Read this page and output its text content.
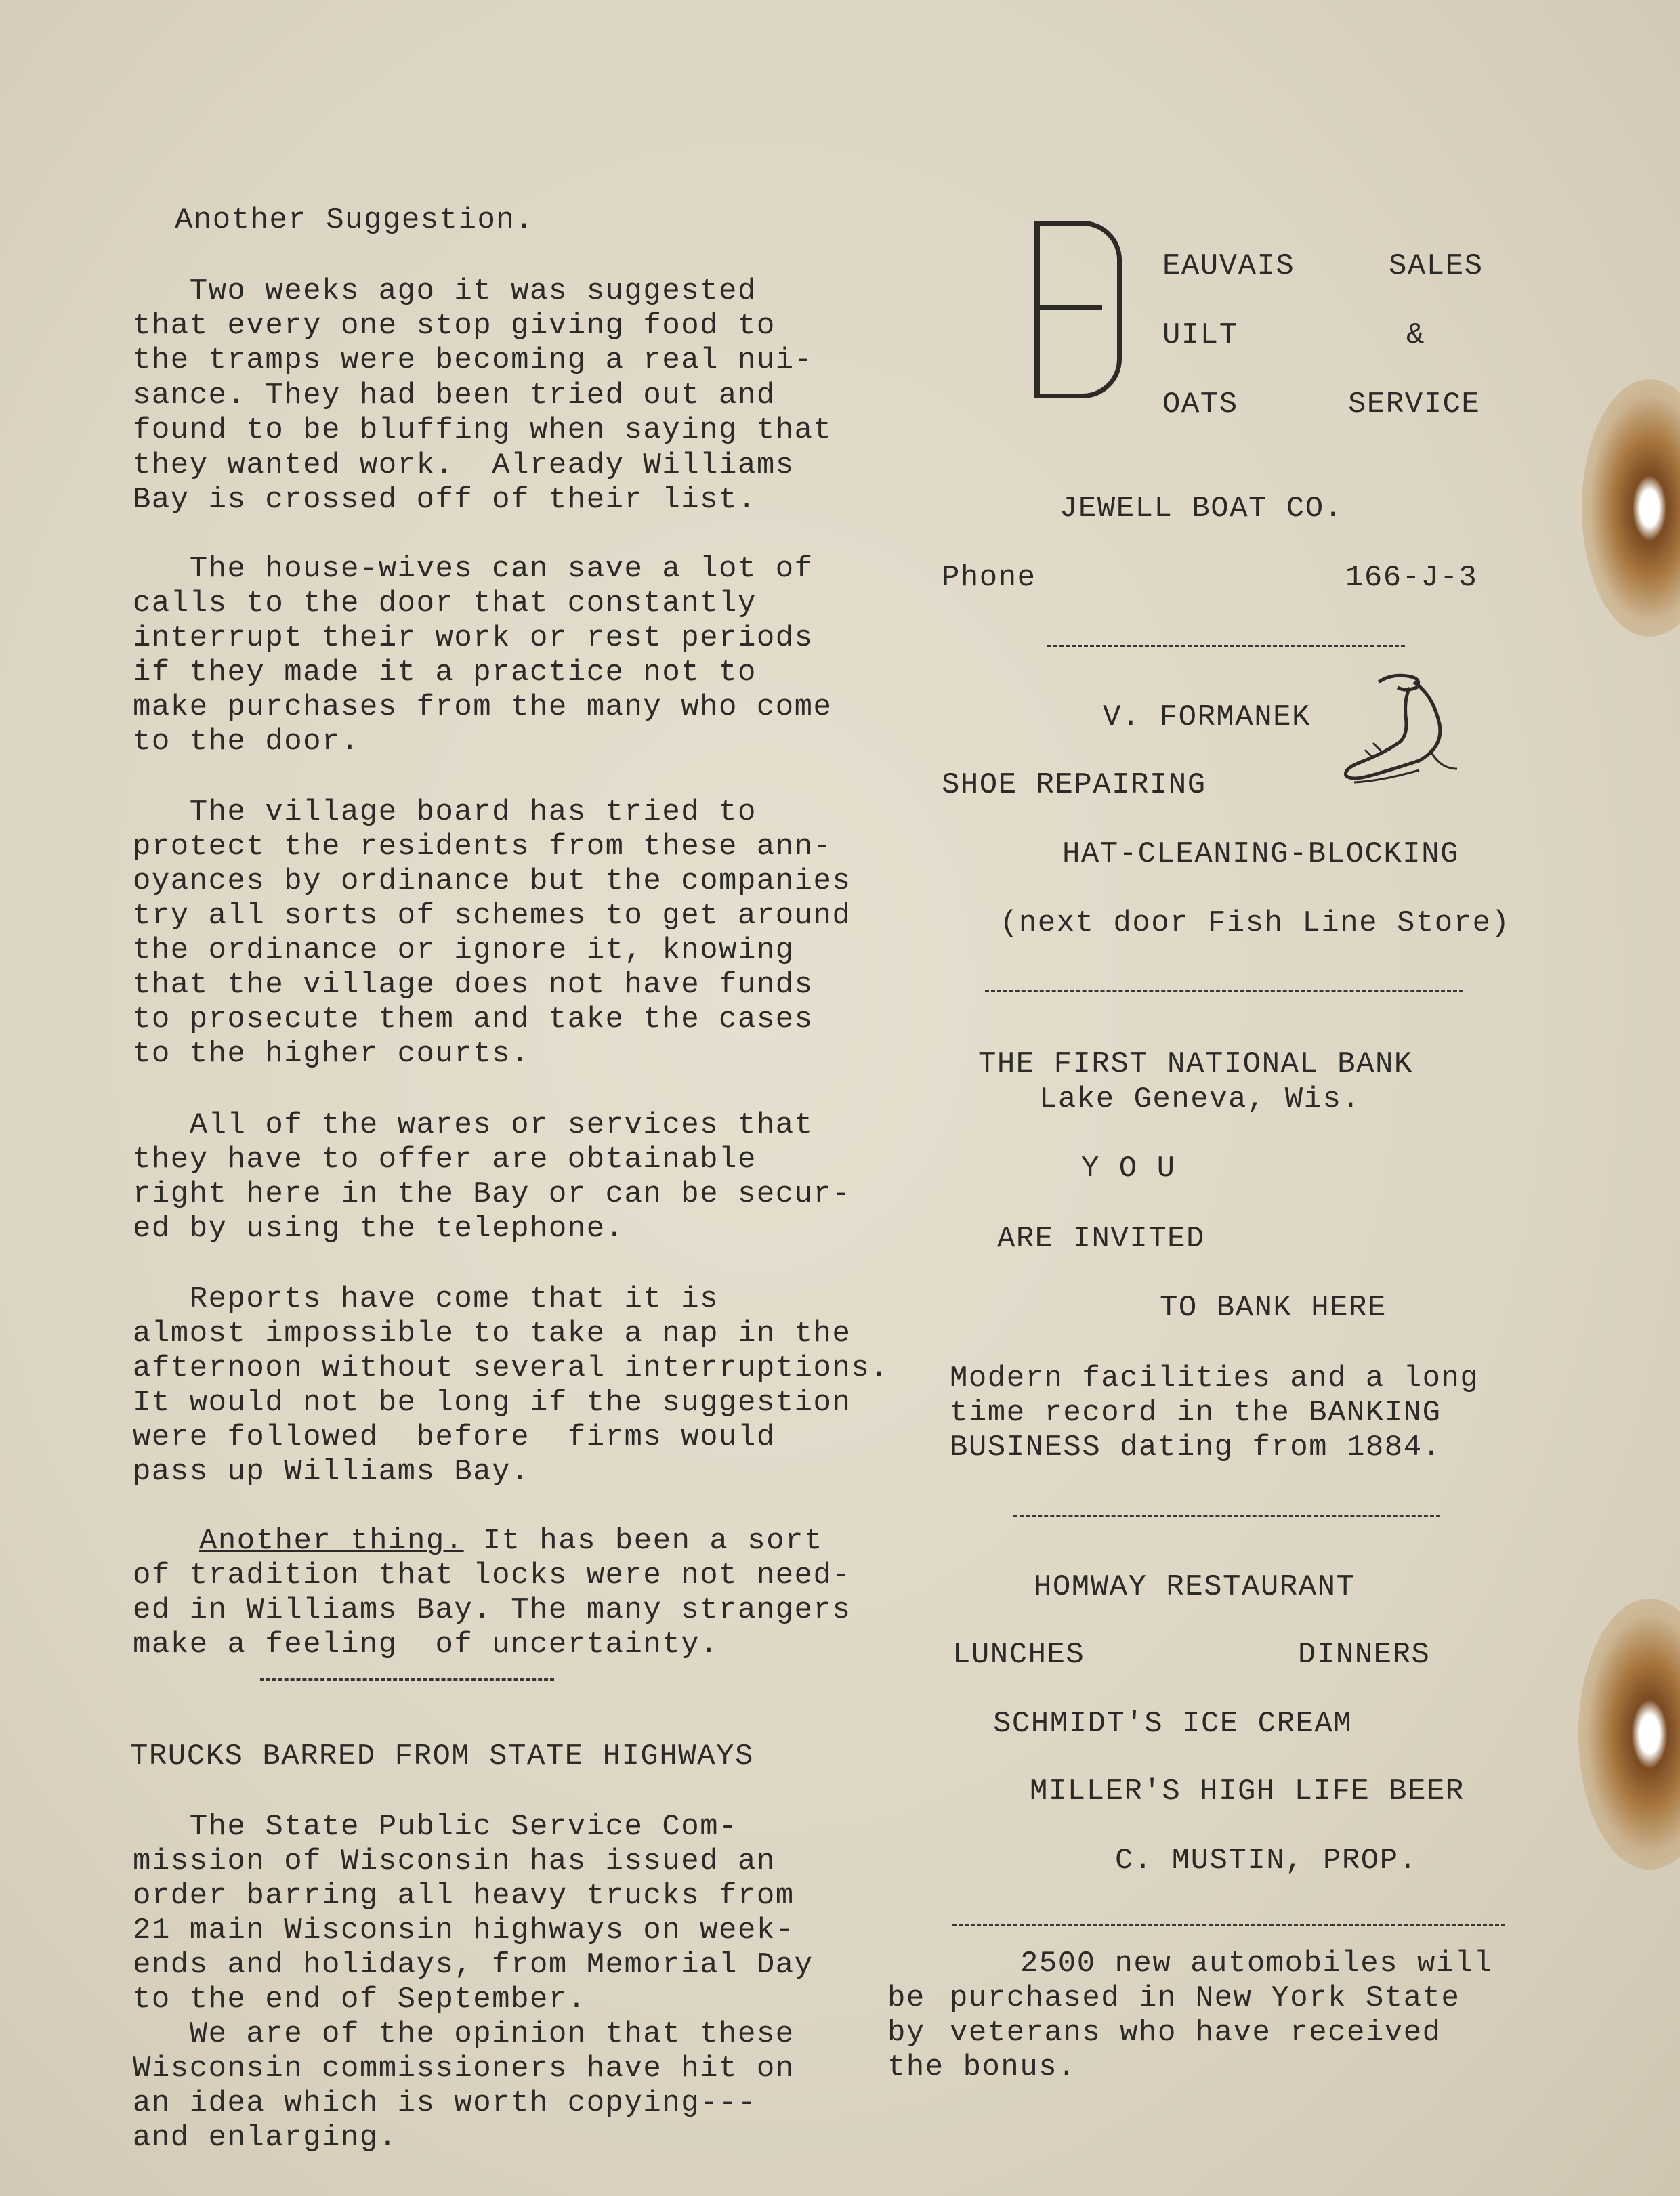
Another Suggestion.
Two weeks ago it was suggested
that every one stop giving food to
the tramps were becoming a real nui-
sance. They had been tried out and
found to be bluffing when saying that
they wanted work.  Already Williams
Bay is crossed off of their list.
The house-wives can save a lot of
calls to the door that constantly
interrupt their work or rest periods
if they made it a practice not to
make purchases from the many who come
to the door.
The village board has tried to
protect the residents from these ann-
oyances by ordinance but the companies
try all sorts of schemes to get around
the ordinance or ignore it, knowing
that the village does not have funds
to prosecute them and take the cases
to the higher courts.
All of the wares or services that
they have to offer are obtainable
right here in the Bay or can be secur-
ed by using the telephone.
Reports have come that it is
almost impossible to take a nap in the
afternoon without several interruptions.
It would not be long if the suggestion
were followed  before  firms would
pass up Williams Bay.
Another thing. It has been a sort
of tradition that locks were not need-
ed in Williams Bay. The many strangers
make a feeling  of uncertainty.
TRUCKS BARRED FROM STATE HIGHWAYS
The State Public Service Com-
mission of Wisconsin has issued an
order barring all heavy trucks from
21 main Wisconsin highways on week-
ends and holidays, from Memorial Day
to the end of September.
We are of the opinion that these
Wisconsin commissioners have hit on
an idea which is worth copying---
and enlarging.
EAUVAIS	SALES
UILT	&
OATS	SERVICE
JEWELL BOAT CO.
Phone	166-J-3
V. FORMANEK
SHOE REPAIRING
HAT-CLEANING-BLOCKING
(next door Fish Line Store)
THE FIRST NATIONAL BANK
Lake Geneva, Wis.
Y O U
ARE INVITED
TO BANK HERE
Modern facilities and a long
time record in the BANKING
BUSINESS dating from 1884.
HOMWAY RESTAURANT
LUNCHES	DINNERS
SCHMIDT'S ICE CREAM
MILLER'S HIGH LIFE BEER
C. MUSTIN, PROP.
2500 new automobiles will
be purchased in New York State
by veterans who have received
the bonus.
